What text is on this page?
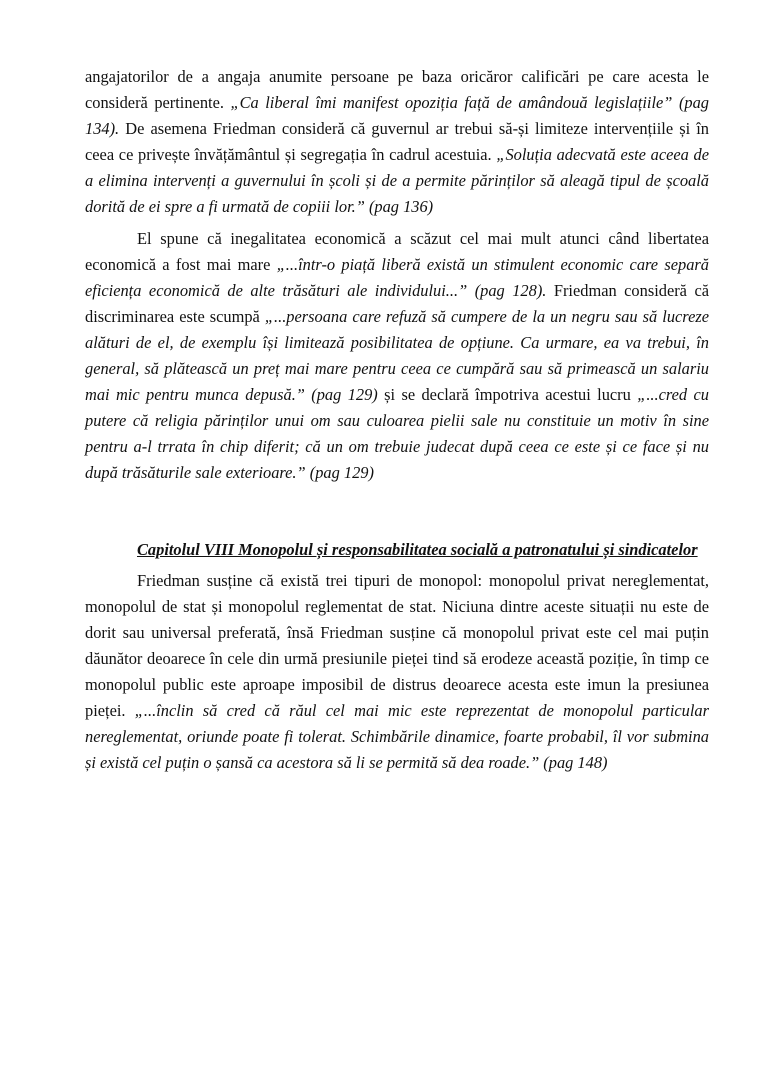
angajatorilor de a angaja anumite persoane pe baza oricăror calificări pe care acesta le consideră pertinente. „Ca liberal îmi manifest opoziția față de amândouă legislațiile” (pag 134). De asemena Friedman consideră că guvernul ar trebui să-și limiteze intervențiile și în ceea ce privește învățământul și segregația în cadrul acestuia. „Soluția adecvată este aceea de a elimina intervenți a guvernului în școli și de a permite părinților să aleagă tipul de școală dorită de ei spre a fi urmată de copiii lor.” (pag 136)

El spune că inegalitatea economică a scăzut cel mai mult atunci când libertatea economică a fost mai mare „...într-o piață liberă există un stimulent economic care separă eficiența economică de alte trăsături ale individului...” (pag 128). Friedman consideră că discriminarea este scumpă „...persoana care refuză să cumpere de la un negru sau să lucreze alături de el, de exemplu își limitează posibilitatea de opțiune. Ca urmare, ea va trebui, în general, să plătească un preț mai mare pentru ceea ce cumpără sau să primească un salariu mai mic pentru munca depusă.” (pag 129) și se declară împotriva acestui lucru „...cred cu putere că religia părinților unui om sau culoarea pielii sale nu constituie un motiv în sine pentru a-l trrata în chip diferit; că un om trebuie judecat după ceea ce este și ce face și nu după trăsăturile sale exterioare.” (pag 129)

Capitolul VIII Monopolul și responsabilitatea socială a patronatului și sindicatelor

Friedman susține că există trei tipuri de monopol: monopolul privat nereglementat, monopolul de stat și monopolul reglementat de stat. Niciuna dintre aceste situații nu este de dorit sau universal preferată, însă Friedman susține că monopolul privat este cel mai puțin dăunător deoarece în cele din urmă presiunile pieței tind să erodeze această poziție, în timp ce monopolul public este aproape imposibil de distrus deoarece acesta este imun la presiunea pieței. „...înclin să cred că răul cel mai mic este reprezentat de monopolul particular nereglementat, oriunde poate fi tolerat. Schimbările dinamice, foarte probabil, îl vor submina și există cel puțin o șansă ca acestora să li se permită să dea roade.” (pag 148)
